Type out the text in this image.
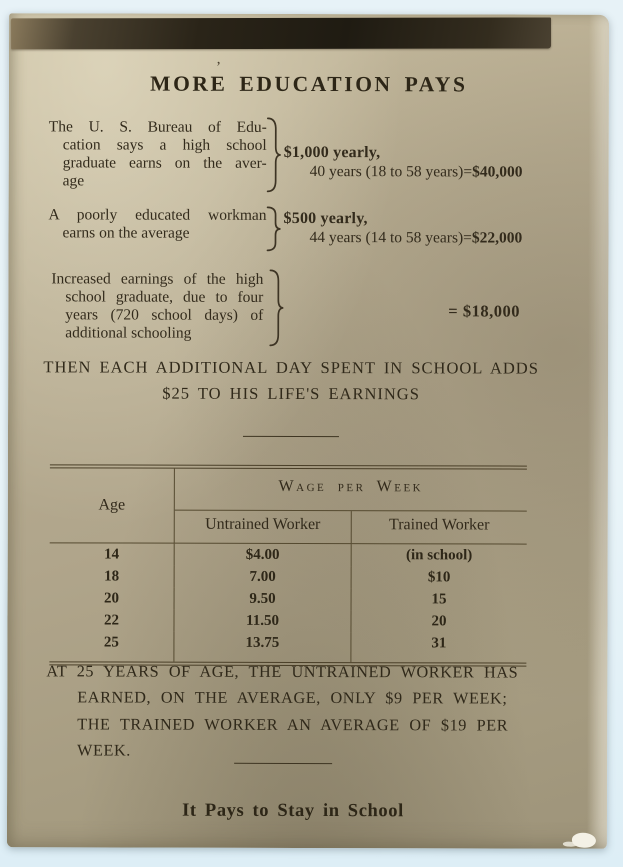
’
MORE EDUCATION PAYS
The U. S. Bureau of Edu-
cation says a high school
graduate earns on the aver-
age
$1,000 yearly,
40 years (18 to 58 years)=$40,000
A poorly educated workman
earns on the average
$500 yearly,
44 years (14 to 58 years)=$22,000
Increased earnings of the high
school graduate, due to four
years (720 school days) of
additional schooling
= $18,000
THEN EACH ADDITIONAL DAY SPENT IN SCHOOL ADDS
$25 TO HIS LIFE'S EARNINGS
Age
Wage per Week
Untrained Worker	Trained Worker
14	$4.00	(in school)
18	7.00	$10
20	9.50	15
22	11.50	20
25	13.75	31
AT 25 YEARS OF AGE, THE UNTRAINED WORKER HAS
EARNED, ON THE AVERAGE, ONLY $9 PER WEEK;
THE TRAINED WORKER AN AVERAGE OF $19 PER
WEEK.
It Pays to Stay in School
